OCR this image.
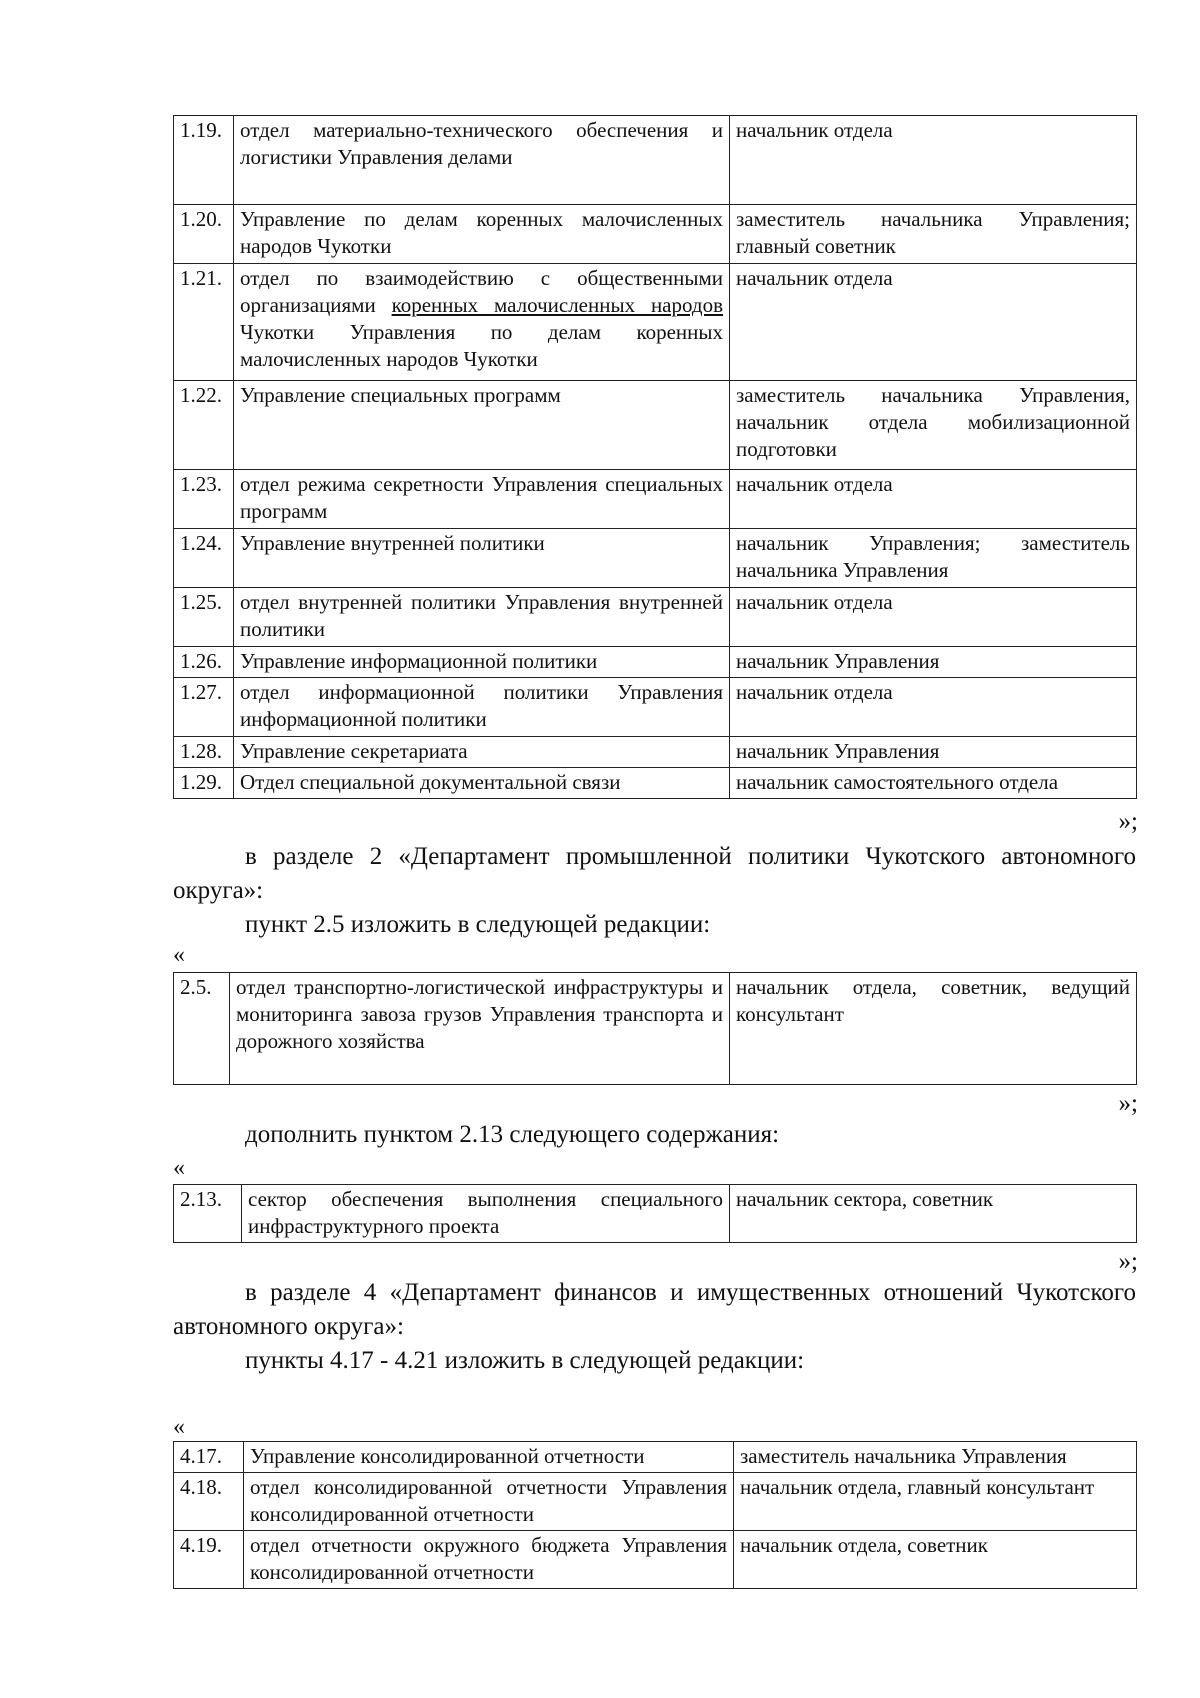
1.19.	отдел материально-технического обеспечения и логистики Управления делами	начальник отдела
1.20.	Управление по делам коренных малочисленных народов Чукотки	заместитель начальника Управления; главный советник
1.21.	отдел по взаимодействию с общественными организациями коренных малочисленных народов Чукотки Управления по делам коренных малочисленных народов Чукотки	начальник отдела
1.22.	Управление специальных программ	заместитель начальника Управления, начальник отдела мобилизационной подготовки
1.23.	отдел режима секретности Управления специальных программ	начальник отдела
1.24.	Управление внутренней политики	начальник Управления; заместитель начальника Управления
1.25.	отдел внутренней политики Управления внутренней политики	начальник отдела
1.26.	Управление информационной политики	начальник Управления
1.27.	отдел информационной политики Управления информационной политики	начальник отдела
1.28.	Управление секретариата	начальник Управления
1.29.	Отдел специальной документальной связи	начальник самостоятельного отдела
»;
в разделе 2 «Департамент промышленной политики Чукотского автономного округа»:
пункт 2.5 изложить в следующей редакции:
«
2.5.	отдел транспортно-логистической инфраструктуры и мониторинга завоза грузов Управления транспорта и дорожного хозяйства	начальник отдела, советник, ведущий консультант
»;
дополнить пунктом 2.13 следующего содержания:
«
2.13.	сектор обеспечения выполнения специального инфраструктурного проекта	начальник сектора, советник
»;
в разделе 4 «Департамент финансов и имущественных отношений Чукотского автономного округа»:
пункты 4.17 - 4.21 изложить в следующей редакции:
«
4.17.	Управление консолидированной отчетности	заместитель начальника Управления
4.18.	отдел консолидированной отчетности Управления консолидированной отчетности	начальник отдела, главный консультант
4.19.	отдел отчетности окружного бюджета Управления консолидированной отчетности	начальник отдела, советник
